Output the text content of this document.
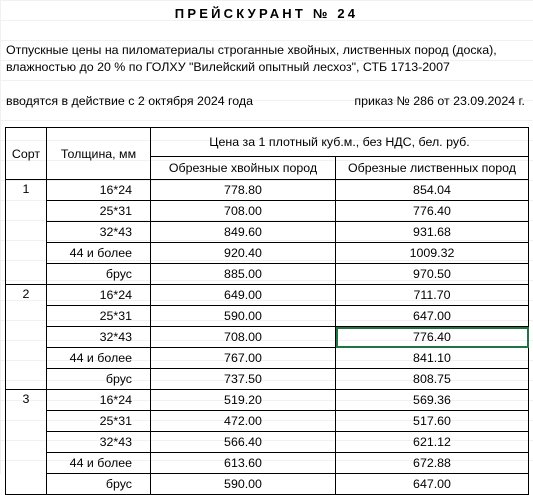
ПРЕЙСКУРАНТ № 24
Отпускные цены на пиломатериалы строганные хвойных, лиственных пород (доска),
влажностью до 20 % по ГОЛХУ "Вилейский опытный лесхоз", СТБ 1713-2007
вводятся в действие с 2 октября 2024 года	приказ № 286 от 23.09.2024 г.
Сорт	Толщина, мм	Цена за 1 плотный куб.м., без НДС, бел. руб.	
		Обрезные хвойных пород	Обрезные лиственных пород
1	16*24	778.80	854.04
	25*31	708.00	776.40
	32*43	849.60	931.68
	44 и более	920.40	1009.32
	брус	885.00	970.50
2	16*24	649.00	711.70
	25*31	590.00	647.00
	32*43	708.00	776.40
	44 и более	767.00	841.10
	брус	737.50	808.75
3	16*24	519.20	569.36
	25*31	472.00	517.60
	32*43	566.40	621.12
	44 и более	613.60	672.88
	брус	590.00	647.00
